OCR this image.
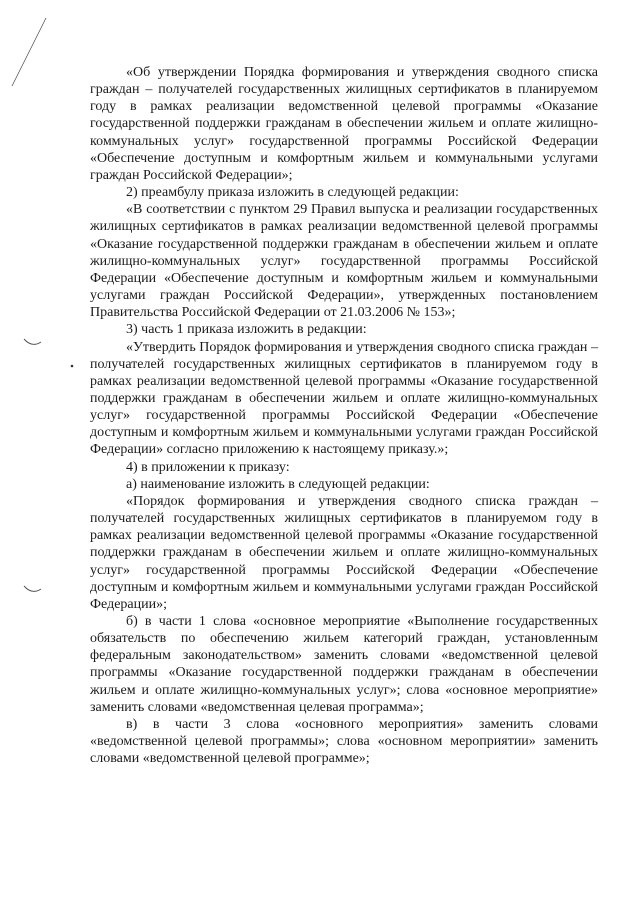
«Об утверждении Порядка формирования и утверждения сводного списка граждан – получателей государственных жилищных сертификатов в планируемом году в рамках реализации ведомственной целевой программы «Оказание государственной поддержки гражданам в обеспечении жильем и оплате жилищно-коммунальных услуг» государственной программы Российской Федерации «Обеспечение доступным и комфортным жильем и коммунальными услугами граждан Российской Федерации»;

2) преамбулу приказа изложить в следующей редакции:

«В соответствии с пунктом 29 Правил выпуска и реализации государственных жилищных сертификатов в рамках реализации ведомственной целевой программы «Оказание государственной поддержки гражданам в обеспечении жильем и оплате жилищно-коммунальных услуг» государственной программы Российской Федерации «Обеспечение доступным и комфортным жильем и коммунальными услугами граждан Российской Федерации», утвержденных постановлением Правительства Российской Федерации от 21.03.2006 № 153»;

3) часть 1 приказа изложить в редакции:

«Утвердить Порядок формирования и утверждения сводного списка граждан – получателей государственных жилищных сертификатов в планируемом году в рамках реализации ведомственной целевой программы «Оказание государственной поддержки гражданам в обеспечении жильем и оплате жилищно-коммунальных услуг» государственной программы Российской Федерации «Обеспечение доступным и комфортным жильем и коммунальными услугами граждан Российской Федерации» согласно приложению к настоящему приказу.»;

4) в приложении к приказу:

а) наименование изложить в следующей редакции:

«Порядок формирования и утверждения сводного списка граждан – получателей государственных жилищных сертификатов в планируемом году в рамках реализации ведомственной целевой программы «Оказание государственной поддержки гражданам в обеспечении жильем и оплате жилищно-коммунальных услуг» государственной программы Российской Федерации «Обеспечение доступным и комфортным жильем и коммунальными услугами граждан Российской Федерации»;

б) в части 1 слова «основное мероприятие «Выполнение государственных обязательств по обеспечению жильем категорий граждан, установленным федеральным законодательством» заменить словами «ведомственной целевой программы «Оказание государственной поддержки гражданам в обеспечении жильем и оплате жилищно-коммунальных услуг»; слова «основное мероприятие» заменить словами «ведомственная целевая программа»;

в) в части 3 слова «основного мероприятия» заменить словами «ведомственной целевой программы»; слова «основном мероприятии» заменить словами «ведомственной целевой программе»;
